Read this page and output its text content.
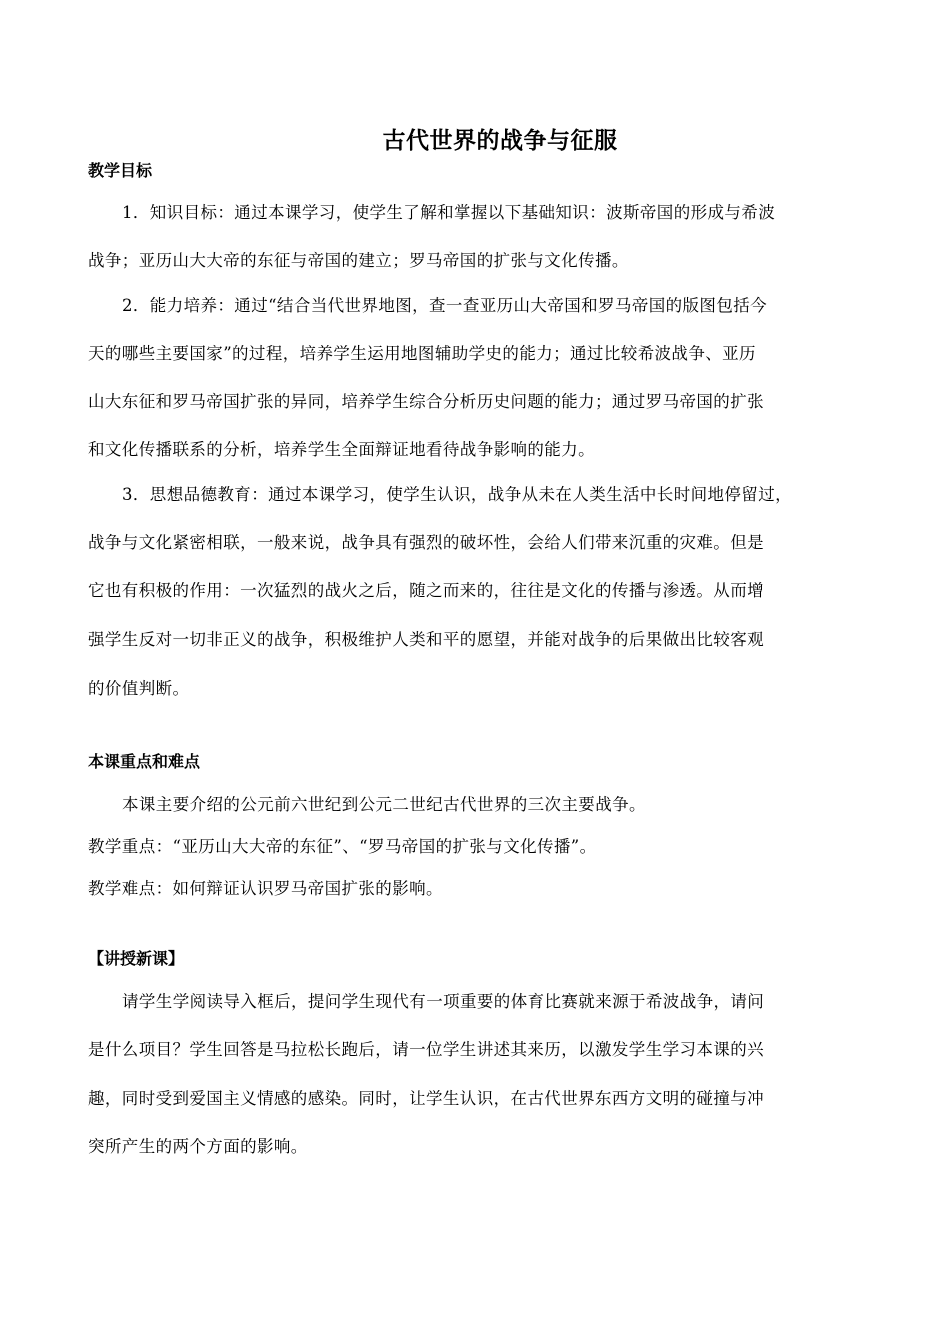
古代世界的战争与征服
教学目标
1．知识目标：通过本课学习，使学生了解和掌握以下基础知识：波斯帝国的形成与希波
战争；亚历山大大帝的东征与帝国的建立；罗马帝国的扩张与文化传播。
2．能力培养：通过“结合当代世界地图，查一查亚历山大帝国和罗马帝国的版图包括今
天的哪些主要国家”的过程，培养学生运用地图辅助学史的能力；通过比较希波战争、亚历
山大东征和罗马帝国扩张的异同，培养学生综合分析历史问题的能力；通过罗马帝国的扩张
和文化传播联系的分析，培养学生全面辩证地看待战争影响的能力。
3．思想品德教育：通过本课学习，使学生认识，战争从未在人类生活中长时间地停留过，
战争与文化紧密相联，一般来说，战争具有强烈的破坏性，会给人们带来沉重的灾难。但是
它也有积极的作用：一次猛烈的战火之后，随之而来的，往往是文化的传播与渗透。从而增
强学生反对一切非正义的战争，积极维护人类和平的愿望，并能对战争的后果做出比较客观
的价值判断。
本课重点和难点
本课主要介绍的公元前六世纪到公元二世纪古代世界的三次主要战争。
教学重点：“亚历山大大帝的东征”、“罗马帝国的扩张与文化传播”。
教学难点：如何辩证认识罗马帝国扩张的影响。
【讲授新课】
请学生学阅读导入框后，提问学生现代有一项重要的体育比赛就来源于希波战争，请问
是什么项目？学生回答是马拉松长跑后，请一位学生讲述其来历，以激发学生学习本课的兴
趣，同时受到爱国主义情感的感染。同时，让学生认识，在古代世界东西方文明的碰撞与冲
突所产生的两个方面的影响。
